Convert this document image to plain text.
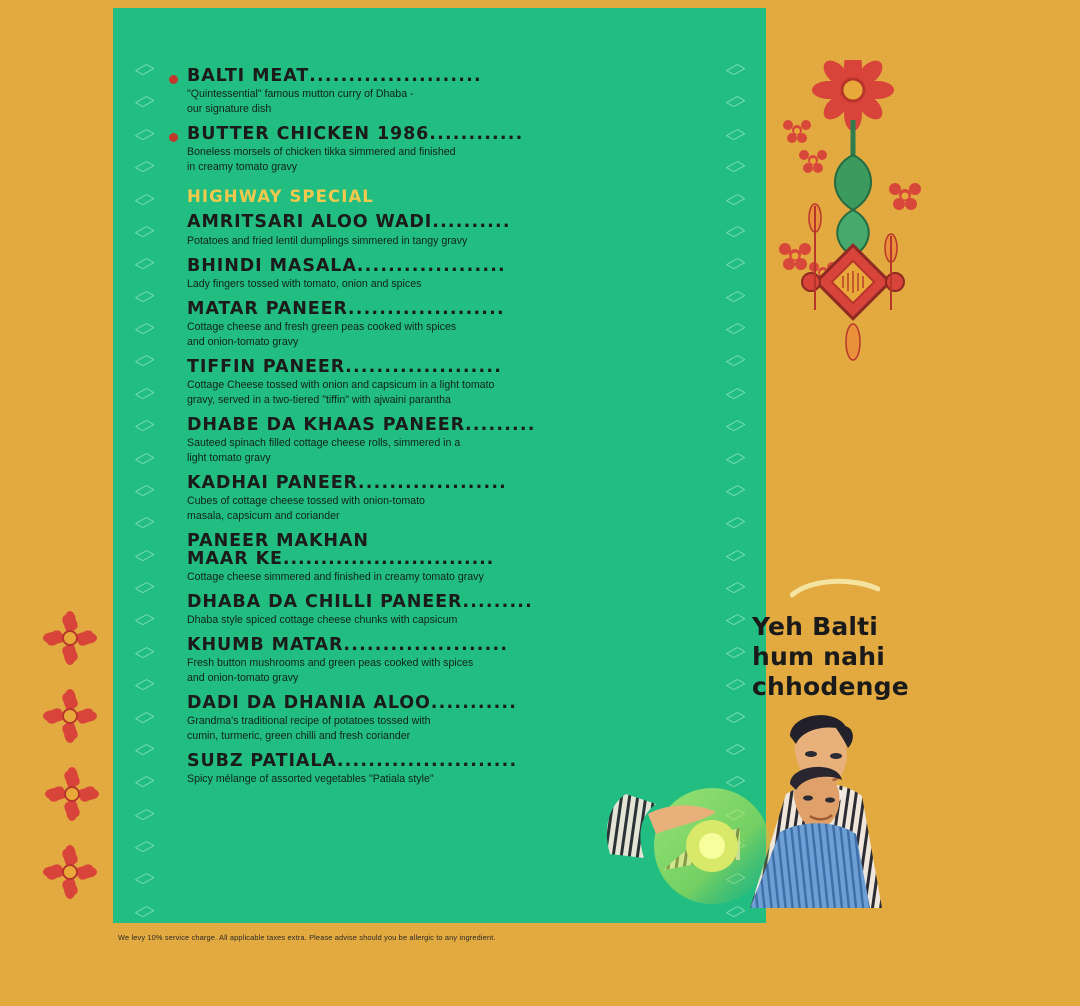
BALTI MEAT......................
"Quintessential" famous mutton curry of Dhaba -
our signature dish
BUTTER CHICKEN 1986............
Boneless morsels of chicken tikka simmered and finished
in creamy tomato gravy
HIGHWAY SPECIAL
AMRITSARI ALOO WADI..........
Potatoes and fried lentil dumplings simmered in tangy gravy
BHINDI MASALA...................
Lady fingers tossed with tomato, onion and spices
MATAR PANEER....................
Cottage cheese and fresh green peas cooked with spices
and onion-tomato gravy
TIFFIN PANEER....................
Cottage Cheese tossed with onion and capsicum in a light tomato
gravy, served in a two-tiered "tiffin" with ajwaini parantha
DHABE DA KHAAS PANEER.........
Sauteed spinach filled cottage cheese rolls, simmered in a
light tomato gravy
KADHAI PANEER...................
Cubes of cottage cheese tossed with onion-tomato
masala, capsicum and coriander
PANEER MAKHAN
MAAR KE............................
Cottage cheese simmered and finished in creamy tomato gravy
DHABA DA CHILLI PANEER.........
Dhaba style spiced cottage cheese chunks with capsicum
KHUMB MATAR.....................
Fresh button mushrooms and green peas cooked with spices
and onion-tomato gravy
DADI DA DHANIA ALOO...........
Grandma's traditional recipe of potatoes tossed with
cumin, turmeric, green chilli and fresh coriander
SUBZ PATIALA.......................
Spicy mélange of assorted vegetables "Patiala style"
We levy 10% service charge. All applicable taxes extra. Please advise should you be allergic to any ingredient.
Yeh Balti
hum nahi
chhodenge
